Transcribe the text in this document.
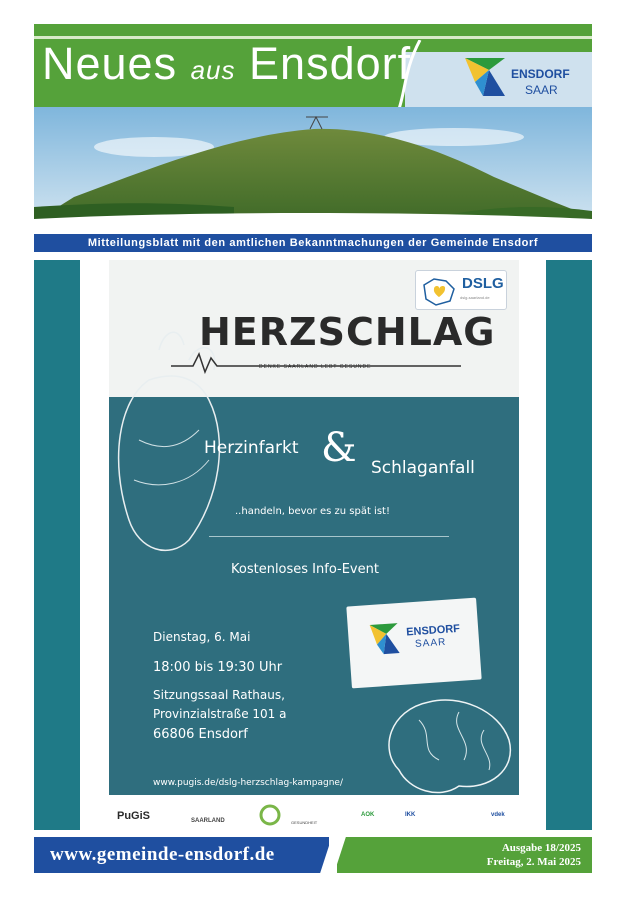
ENSDORF
SAAR
Neues aus Ensdorf
Mitteilungsblatt mit den amtlichen Bekanntmachungen der Gemeinde Ensdorf
HERZSCHLAG
DENKE SAARLAND LEBT GESUNDE
DSLG
dslg-saarland.de
Herzinfarkt & Schlaganfall
..handeln, bevor es zu spät ist!
Kostenloses Info-Event
Dienstag, 6. Mai
18:00 bis 19:30 Uhr
Sitzungssaal Rathaus,
Provinzialstraße 101 a
66806 Ensdorf
www.pugis.de/dslg-herzschlag-kampagne/
ENSDORF
SAAR
PuGiS	SAARLAND	GESUNDHEIT
AOK	IKK	vdek
www.gemeinde-ensdorf.de	Ausgabe 18/2025
Freitag, 2. Mai 2025
